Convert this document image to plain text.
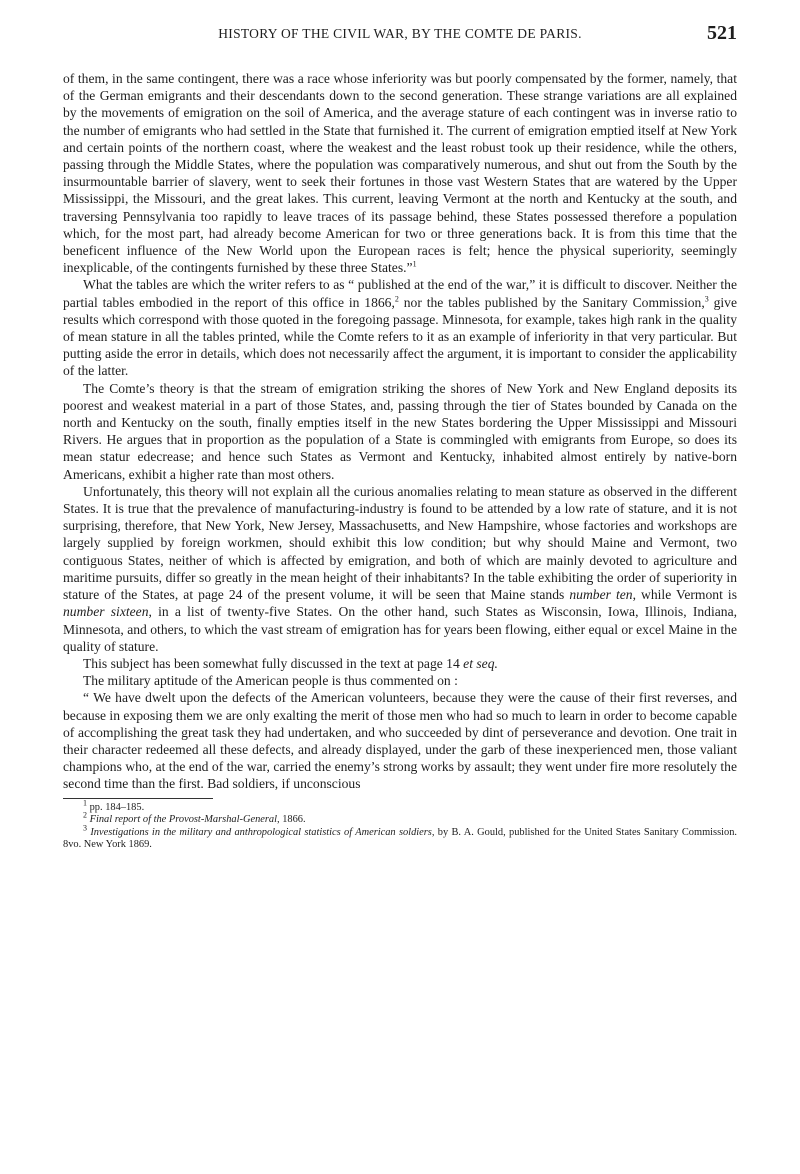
HISTORY OF THE CIVIL WAR, BY THE COMTE DE PARIS.	521

of them, in the same contingent, there was a race whose inferiority was but poorly compensated by the former, namely, that of the German emigrants and their descendants down to the second generation. These strange variations are all explained by the movements of emigration on the soil of America, and the average stature of each contingent was in inverse ratio to the number of emigrants who had settled in the State that furnished it. The current of emigration emptied itself at New York and certain points of the northern coast, where the weakest and the least robust took up their residence, while the others, passing through the Middle States, where the population was comparatively numerous, and shut out from the South by the insurmountable barrier of slavery, went to seek their fortunes in those vast Western States that are watered by the Upper Mississippi, the Missouri, and the great lakes. This current, leaving Vermont at the north and Kentucky at the south, and traversing Pennsylvania too rapidly to leave traces of its passage behind, these States possessed therefore a population which, for the most part, had already become American for two or three generations back. It is from this time that the beneficent influence of the New World upon the European races is felt; hence the physical superiority, seemingly inexplicable, of the contingents furnished by these three States.”$^1$

What the tables are which the writer refers to as “ published at the end of the war,” it is difficult to discover. Neither the partial tables embodied in the report of this office in 1866,$^2$ nor the tables published by the Sanitary Commission,$^3$ give results which correspond with those quoted in the foregoing passage. Minnesota, for example, takes high rank in the quality of mean stature in all the tables printed, while the Comte refers to it as an example of inferiority in that very particular. But putting aside the error in details, which does not necessarily affect the argument, it is important to consider the applicability of the latter.

The Comte’s theory is that the stream of emigration striking the shores of New York and New England deposits its poorest and weakest material in a part of those States, and, passing through the tier of States bounded by Canada on the north and Kentucky on the south, finally empties itself in the new States bordering the Upper Mississippi and Missouri Rivers. He argues that in proportion as the population of a State is commingled with emigrants from Europe, so does its mean statur edecrease; and hence such States as Vermont and Kentucky, inhabited almost entirely by native-born Americans, exhibit a higher rate than most others.

Unfortunately, this theory will not explain all the curious anomalies relating to mean stature as observed in the different States. It is true that the prevalence of manufacturing-industry is found to be attended by a low rate of stature, and it is not surprising, therefore, that New York, New Jersey, Massachusetts, and New Hampshire, whose factories and workshops are largely supplied by foreign workmen, should exhibit this low condition; but why should Maine and Vermont, two contiguous States, neither of which is affected by emigration, and both of which are mainly devoted to agriculture and maritime pursuits, differ so greatly in the mean height of their inhabitants? In the table exhibiting the order of superiority in stature of the States, at page 24 of the present volume, it will be seen that Maine stands number ten, while Vermont is number sixteen, in a list of twenty-five States. On the other hand, such States as Wisconsin, Iowa, Illinois, Indiana, Minnesota, and others, to which the vast stream of emigration has for years been flowing, either equal or excel Maine in the quality of stature.

This subject has been somewhat fully discussed in the text at page 14 et seq.

The military aptitude of the American people is thus commented on :

“ We have dwelt upon the defects of the American volunteers, because they were the cause of their first reverses, and because in exposing them we are only exalting the merit of those men who had so much to learn in order to become capable of accomplishing the great task they had undertaken, and who succeeded by dint of perseverance and devotion. One trait in their character redeemed all these defects, and already displayed, under the garb of these inexperienced men, those valiant champions who, at the end of the war, carried the enemy’s strong works by assault; they went under fire more resolutely the second time than the first. Bad soldiers, if unconscious

$^1$ pp. 184–185.

$^2$ Final report of the Provost-Marshal-General, 1866.

$^3$ Investigations in the military and anthropological statistics of American soldiers, by B. A. Gould, published for the United States Sanitary Commission. 8vo. New York 1869.
